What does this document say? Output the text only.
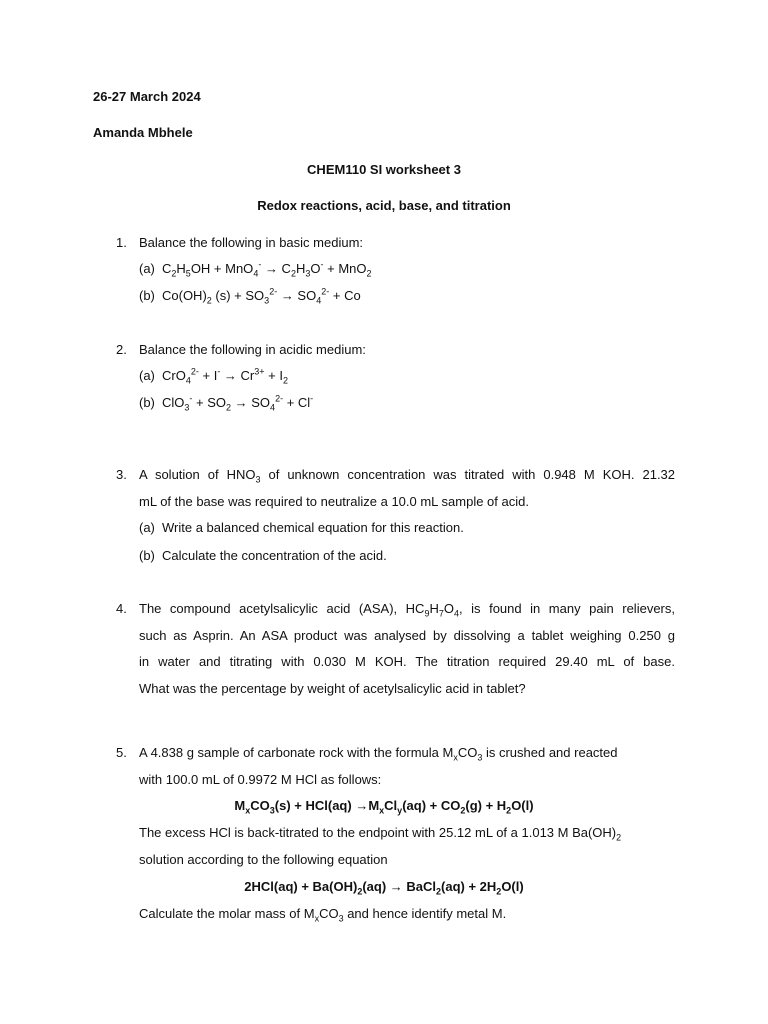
26-27 March 2024
Amanda Mbhele
CHEM110 SI worksheet 3
Redox reactions, acid, base, and titration
1. Balance the following in basic medium:
(a) $C_2H_5OH + MnO_4^- \to C_2H_3O^- + MnO_2$
(b) $Co(OH)_2$ $(s) + SO_3^{2-} \to SO_4^{2-} + Co$
2. Balance the following in acidic medium:
(a) $CrO_4^{2-} + I^- \to Cr^{3+} + I_2$
(b) $ClO_3^- + SO_2 \to SO_4^{2-} + Cl^-$
3. A solution of $HNO_3$ of unknown concentration was titrated with 0.948 M KOH. 21.32
mL of the base was required to neutralize a 10.0 mL sample of acid.
(a) Write a balanced chemical equation for this reaction.
(b) Calculate the concentration of the acid.
4. The compound acetylsalicylic acid (ASA), $HC_9H_7O_4$, is found in many pain relievers,
such as Asprin. An ASA product was analysed by dissolving a tablet weighing 0.250 g
in water and titrating with 0.030 M KOH. The titration required 29.40 mL of base.
What was the percentage by weight of acetylsalicylic acid in tablet?
5. A 4.838 g sample of carbonate rock with the formula $M_xCO_3$ is crushed and reacted
with 100.0 mL of 0.9972 M HCl as follows:
$M_xCO_3(s) + HCl(aq) \to M_xCl_y(aq) + CO_2(g) + H_2O(l)$
The excess HCl is back-titrated to the endpoint with 25.12 mL of a 1.013 M $Ba(OH)_2$
solution according to the following equation
$2HCl(aq) + Ba(OH)_2(aq)$ → BaCl$_2$(aq) + $2H_2O(l)$
Calculate the molar mass of $M_xCO_3$ and hence identify metal M.
